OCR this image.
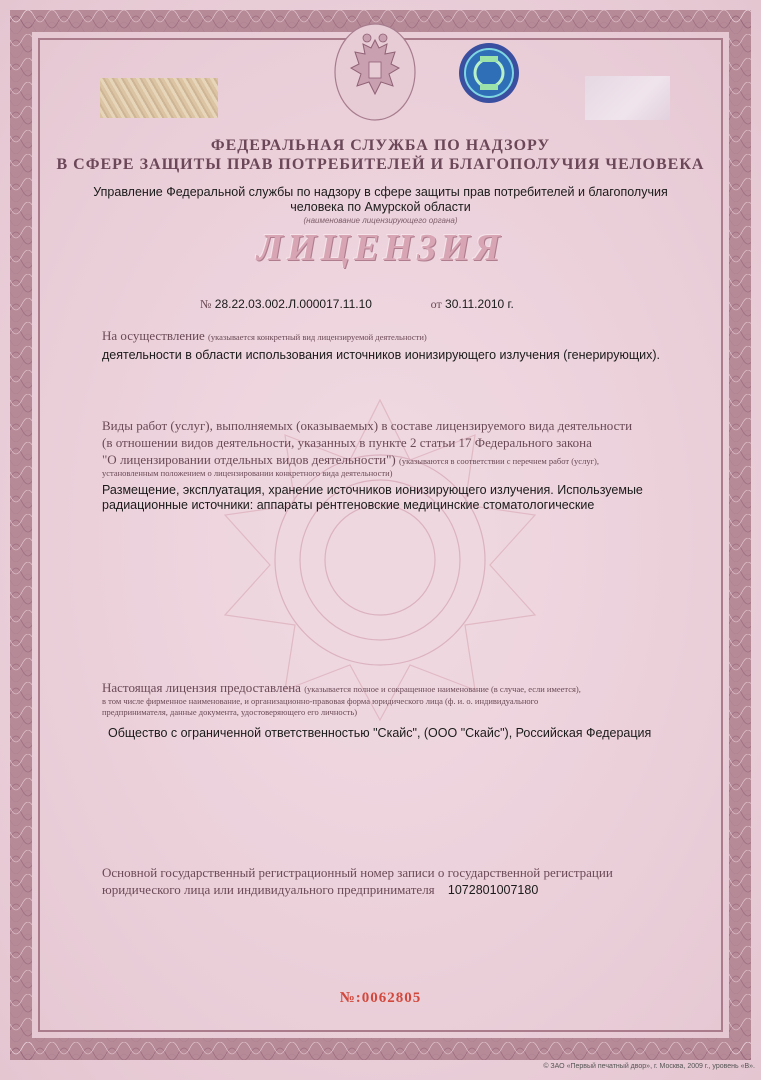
ФЕДЕРАЛЬНАЯ СЛУЖБА ПО НАДЗОРУ
В СФЕРЕ ЗАЩИТЫ ПРАВ ПОТРЕБИТЕЛЕЙ И БЛАГОПОЛУЧИЯ ЧЕЛОВЕКА
Управление Федеральной службы по надзору в сфере защиты прав потребителей и благополучия
человека по Амурской области
(наименование лицензирующего органа)
ЛИЦЕНЗИЯ
№ 28.22.03.002.Л.000017.11.10	от 30.11.2010 г.
На осуществление (указывается конкретный вид лицензируемой деятельности)
деятельности в области использования источников ионизирующего излучения (генерирующих).
Виды работ (услуг), выполняемых (оказываемых) в составе лицензируемого вида деятельности
(в отношении видов деятельности, указанных в пункте 2 статьи 17 Федерального закона
"О лицензировании отдельных видов деятельности") (указываются в соответствии с перечнем работ (услуг),
установленным положением о лицензировании конкретного вида деятельности)
Размещение, эксплуатация, хранение источников ионизирующего излучения. Используемые
радиационные источники: аппараты рентгеновские медицинские стоматологические
Настоящая лицензия предоставлена (указывается полное и сокращенное наименование (в случае, если имеется),
в том числе фирменное наименование, и организационно-правовая форма юридического лица (ф. и. о. индивидуального
предпринимателя, данные документа, удостоверяющего его личность)
Общество с ограниченной ответственностью "Скайс", (ООО "Скайс"), Российская Федерация
Основной государственный регистрационный номер записи о государственной регистрации
юридического лица или индивидуального предпринимателя 1072801007180
№:0062805
© ЗАО «Первый печатный двор», г. Москва, 2009 г., уровень «В».
